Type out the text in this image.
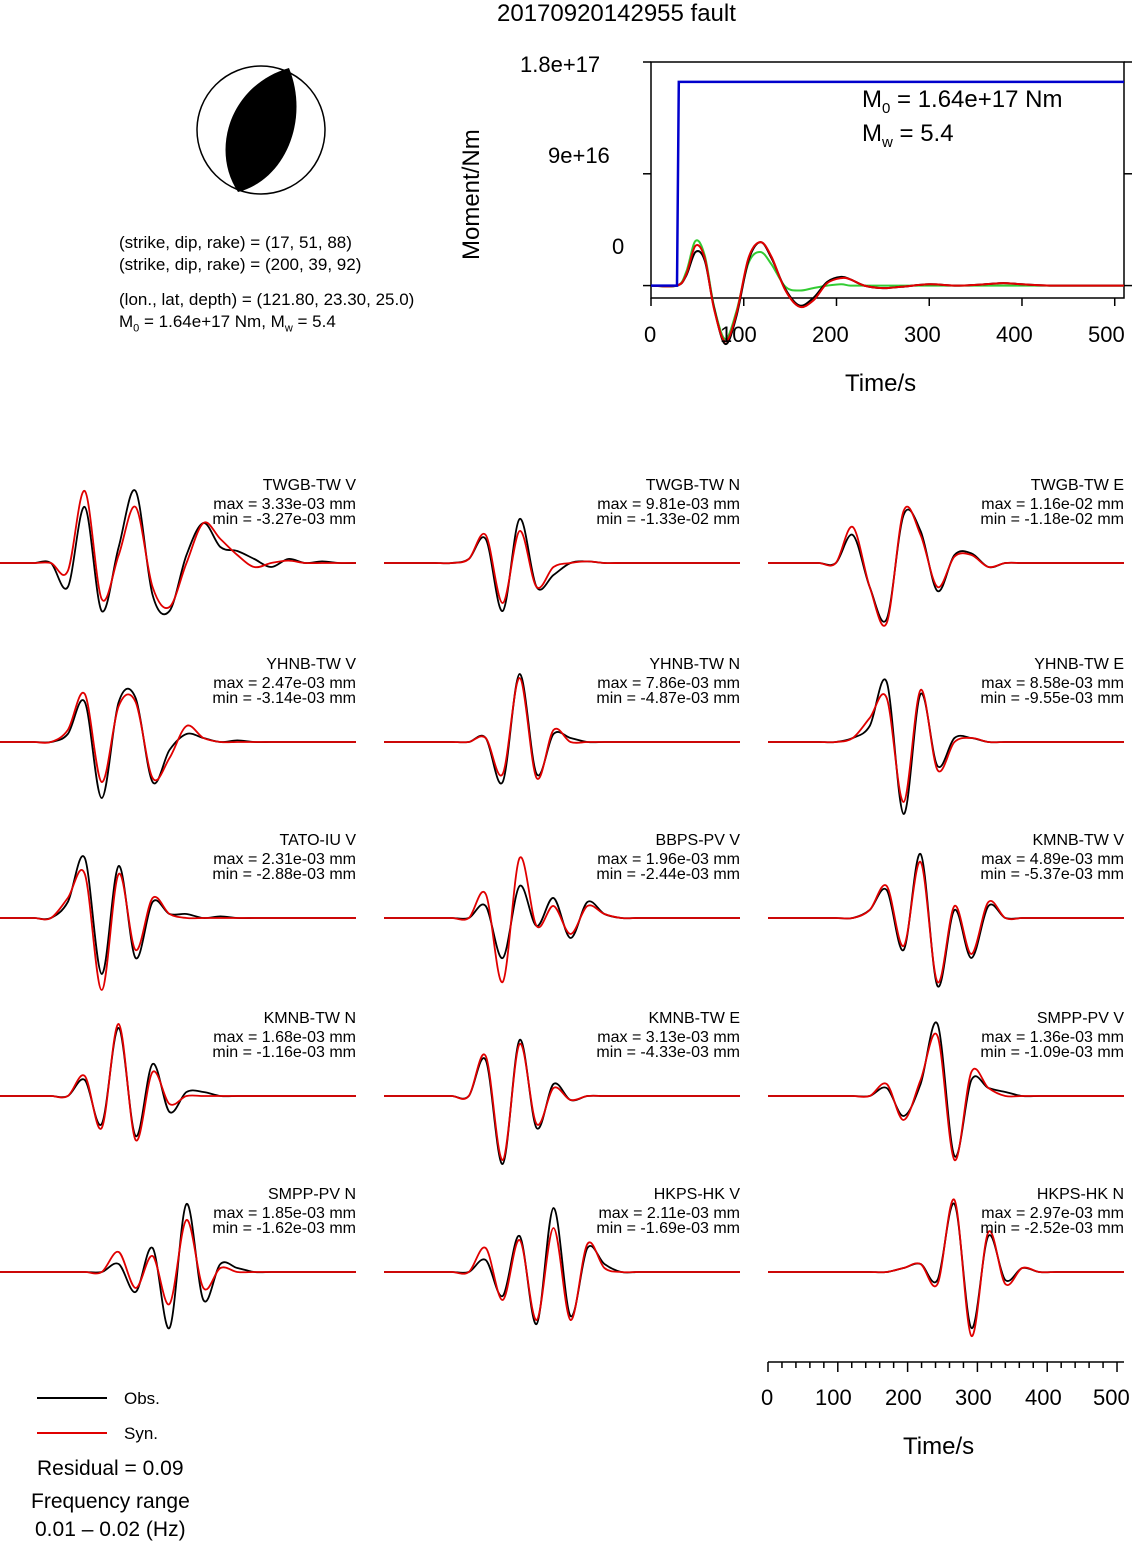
20170920142955 fault
(strike, dip, rake) = (17, 51, 88)
(strike, dip, rake) = (200, 39, 92)
(lon., lat, depth) = (121.80, 23.30, 25.0)
$M_0 = 1.64e+17$ Nm, $M_w = 5.4$
$M_0 = 1.64e+17$ Nm
$M_w = 5.4$
Time/s
Moment/Nm
1.8e+17
9e+16
0
0	100	200	300	400	500
TWGB-TW V
max = 3.33e-03 mm
min = -3.27e-03 mm
TWGB-TW N
max = 9.81e-03 mm
min = -1.33e-02 mm
TWGB-TW E
max = 1.16e-02 mm
min = -1.18e-02 mm
YHNB-TW V
max = 2.47e-03 mm
min = -3.14e-03 mm
YHNB-TW N
max = 7.86e-03 mm
min = -4.87e-03 mm
YHNB-TW E
max = 8.58e-03 mm
min = -9.55e-03 mm
TATO-IU V
max = 2.31e-03 mm
min = -2.88e-03 mm
BBPS-PV V
max = 1.96e-03 mm
min = -2.44e-03 mm
KMNB-TW V
max = 4.89e-03 mm
min = -5.37e-03 mm
KMNB-TW N
max = 1.68e-03 mm
min = -1.16e-03 mm
KMNB-TW E
max = 3.13e-03 mm
min = -4.33e-03 mm
SMPP-PV V
max = 1.36e-03 mm
min = -1.09e-03 mm
SMPP-PV N
max = 1.85e-03 mm
min = -1.62e-03 mm
HKPS-HK V
max = 2.11e-03 mm
min = -1.69e-03 mm
HKPS-HK N
max = 2.97e-03 mm
min = -2.52e-03 mm
0 100 200 300 400 500
Time/s
Obs.
Syn.
Residual = 0.09
Frequency range
0.01 – 0.02 (Hz)
